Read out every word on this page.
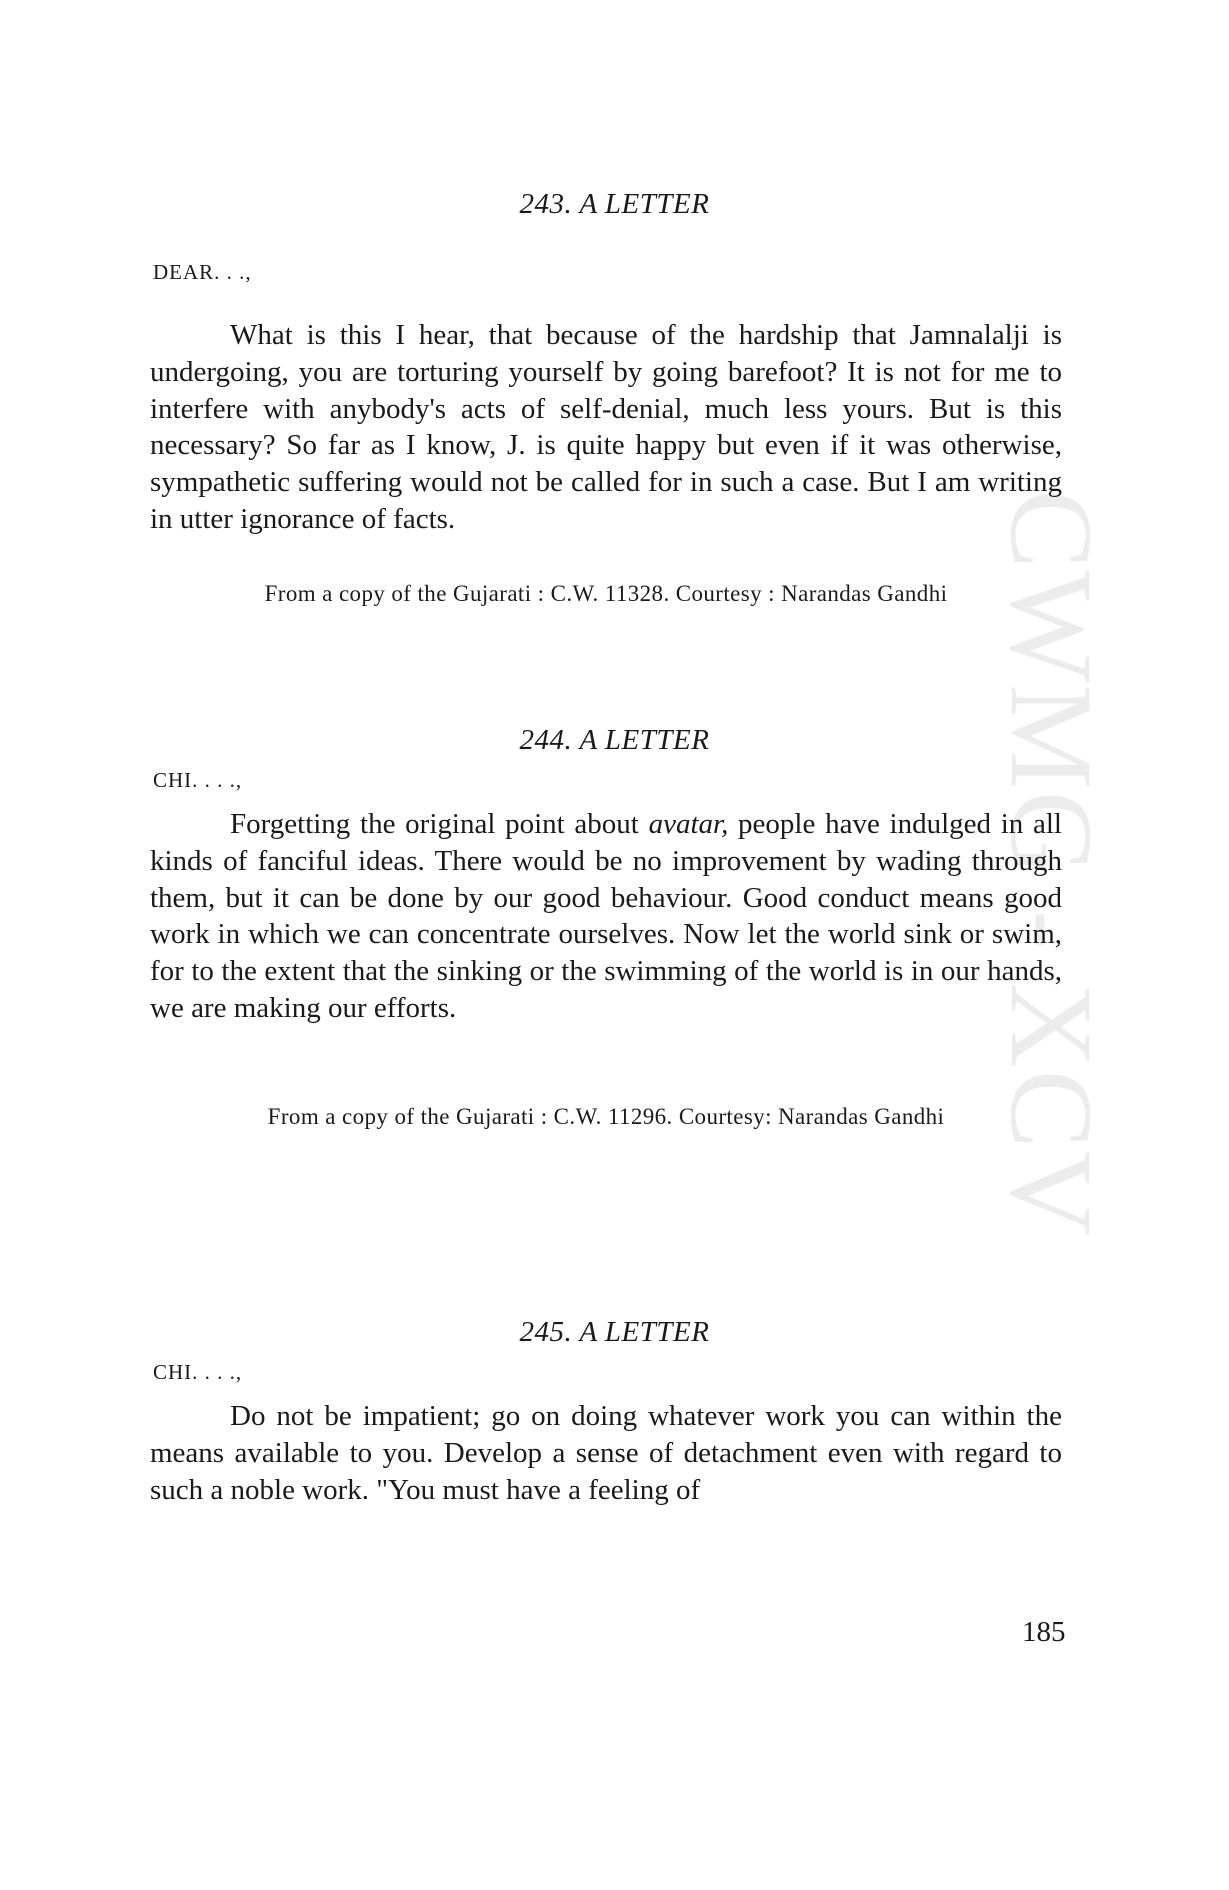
CWMG - XCV
243. A LETTER
DEAR. . .,

What is this I hear, that because of the hardship that Jamnalalji is undergoing, you are torturing yourself by going barefoot? It is not for me to interfere with anybody's acts of self-denial, much less yours. But is this necessary? So far as I know, J. is quite happy but even if it was otherwise, sympathetic suffering would not be called for in such a case. But I am writing in utter ignorance of facts.

From a copy of the Gujarati : C.W. 11328. Courtesy : Narandas Gandhi
244. A LETTER
CHI. . . .,

Forgetting the original point about avatar, people have indulged in all kinds of fanciful ideas. There would be no improvement by wading through them, but it can be done by our good behaviour. Good conduct means good work in which we can concentrate ourselves. Now let the world sink or swim, for to the extent that the sinking or the swimming of the world is in our hands, we are making our efforts.

From a copy of the Gujarati : C.W. 11296. Courtesy: Narandas Gandhi
245. A LETTER
CHI. . . .,

Do not be impatient; go on doing whatever work you can within the means available to you. Develop a sense of detachment even with regard to such a noble work. "You must have a feeling of

185
